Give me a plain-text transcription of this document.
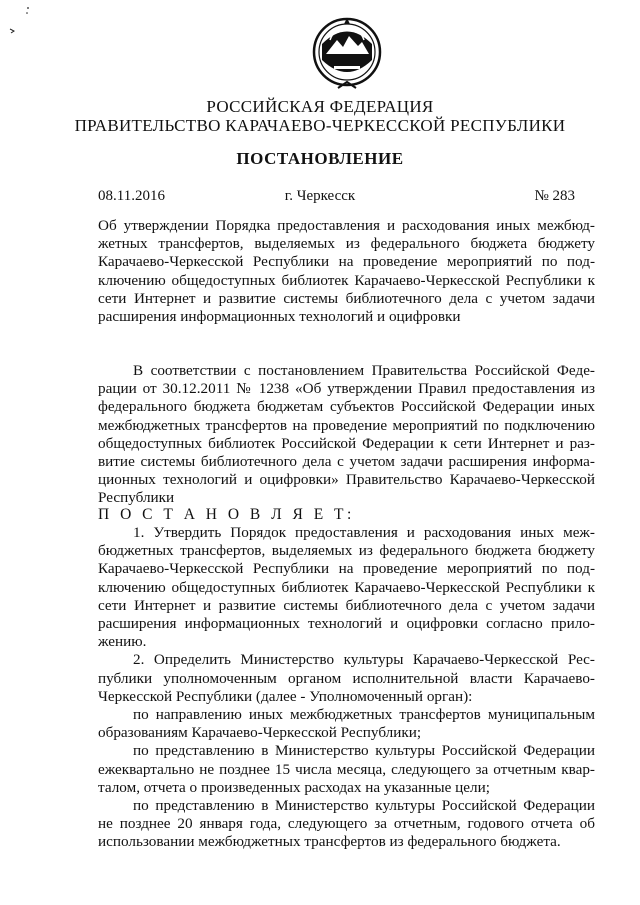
РОССИЙСКАЯ ФЕДЕРАЦИЯ
ПРАВИТЕЛЬСТВО КАРАЧАЕВО-ЧЕРКЕССКОЙ РЕСПУБЛИКИ
ПОСТАНОВЛЕНИЕ
08.11.2016	г. Черкесск	№ 283
Об утверждении Порядка предоставления и расходования иных межбюд-
жетных трансфертов, выделяемых из федерального бюджета бюджету
Карачаево-Черкесской Республики на проведение мероприятий по под-
ключению общедоступных библиотек Карачаево-Черкесской Республики к
сети Интернет и развитие системы библиотечного дела с учетом задачи
расширения информационных технологий и оцифровки
В соответствии с постановлением Правительства Российской Феде-
рации от 30.12.2011 № 1238 «Об утверждении Правил предоставления из
федерального бюджета бюджетам субъектов Российской Федерации иных
межбюджетных трансфертов на проведение мероприятий по подключению
общедоступных библиотек Российской Федерации к сети Интернет и раз-
витие системы библиотечного дела с учетом задачи расширения информа-
ционных технологий и оцифровки» Правительство Карачаево-Черкесской
Республики
П О С Т А Н О В Л Я Е Т:
1. Утвердить Порядок предоставления и расходования иных меж-
бюджетных трансфертов, выделяемых из федерального бюджета бюджету
Карачаево-Черкесской Республики на проведение мероприятий по под-
ключению общедоступных библиотек Карачаево-Черкесской Республики к
сети Интернет и развитие системы библиотечного дела с учетом задачи
расширения информационных технологий и оцифровки согласно прило-
жению.
2. Определить Министерство культуры Карачаево-Черкесской Рес-
публики уполномоченным органом исполнительной власти Карачаево-
Черкесской Республики (далее - Уполномоченный орган):
по направлению иных межбюджетных трансфертов муниципальным
образованиям Карачаево-Черкесской Республики;
по представлению в Министерство культуры Российской Федерации
ежеквартально не позднее 15 числа месяца, следующего за отчетным квар-
талом, отчета о произведенных расходах на указанные цели;
по представлению в Министерство культуры Российской Федерации
не позднее 20 января года, следующего за отчетным, годового отчета об
использовании межбюджетных трансфертов из федерального бюджета.
